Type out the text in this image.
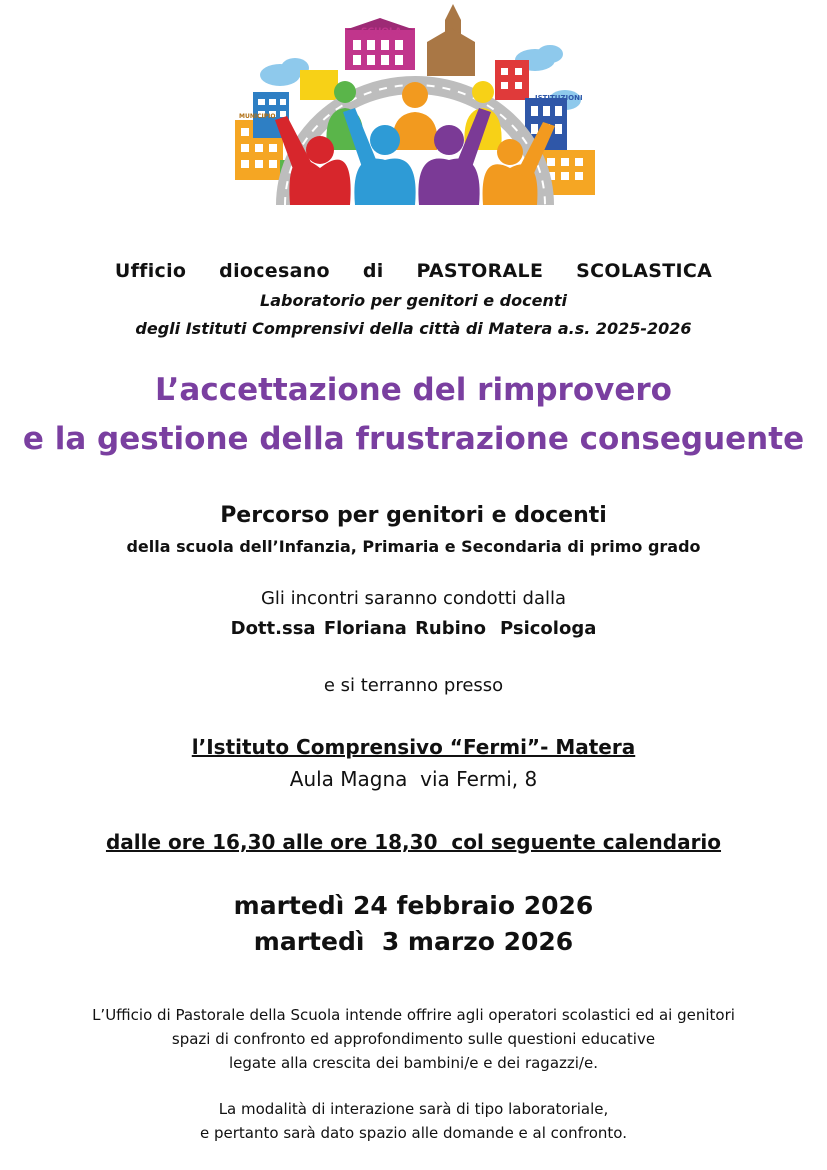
SCUOLA
ISTITUZIONI
MUNICIPIO
Ufficio diocesano di PASTORALE SCOLASTICA
Laboratorio per genitori e docenti
degli Istituti Comprensivi della città di Matera a.s. 2025-2026
L’accettazione del rimprovero
e la gestione della frustrazione conseguente
Percorso per genitori e docenti
della scuola dell’Infanzia, Primaria e Secondaria di primo grado
Gli incontri saranno condotti dalla
Dott.ssa Floriana Rubino Psicologa
e si terranno presso
l’Istituto Comprensivo “Fermi”- Matera
Aula Magna  via Fermi, 8
dalle ore 16,30 alle ore 18,30  col seguente calendario
martedì 24 febbraio 2026
martedì  3 marzo 2026
L’Ufficio di Pastorale della Scuola intende offrire agli operatori scolastici ed ai genitori
spazi di confronto ed approfondimento sulle questioni educative
legate alla crescita dei bambini/e e dei ragazzi/e.
La modalità di interazione sarà di tipo laboratoriale,
e pertanto sarà dato spazio alle domande e al confronto.
